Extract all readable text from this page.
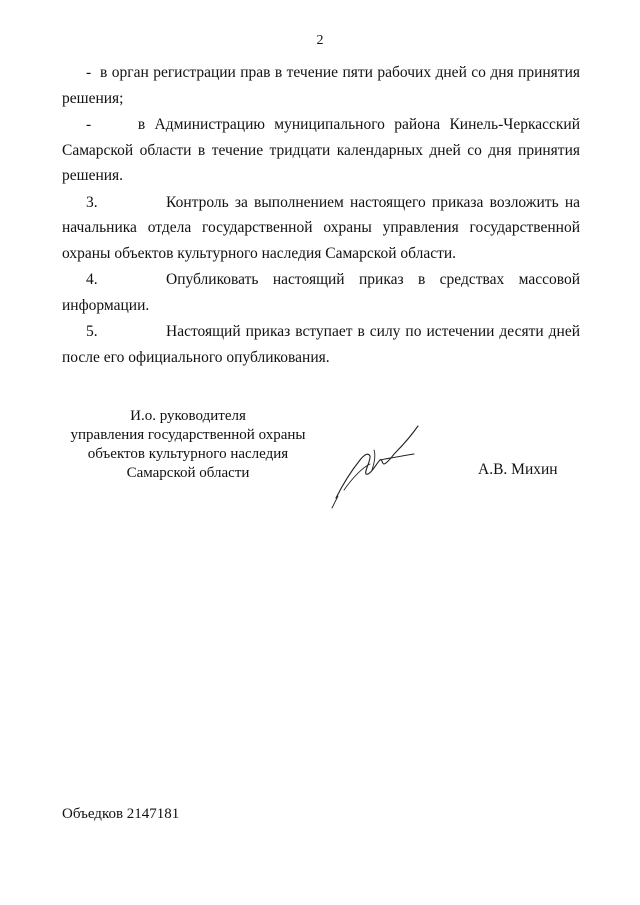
2

- в орган регистрации прав в течение пяти рабочих дней со дня принятия решения;

-	в Администрацию муниципального района Кинель-Черкасский Самарской области в течение тридцати календарных дней со дня принятия решения.

3.	Контроль за выполнением настоящего приказа возложить на начальника отдела государственной охраны управления государственной охраны объектов культурного наследия Самарской области.

4.	Опубликовать настоящий приказ в средствах массовой информации.

5.	Настоящий приказ вступает в силу по истечении десяти дней после его официального опубликования.

И.о. руководителя
управления государственной охраны
объектов культурного наследия
Самарской области	А.В. Михин
Объедков 2147181
